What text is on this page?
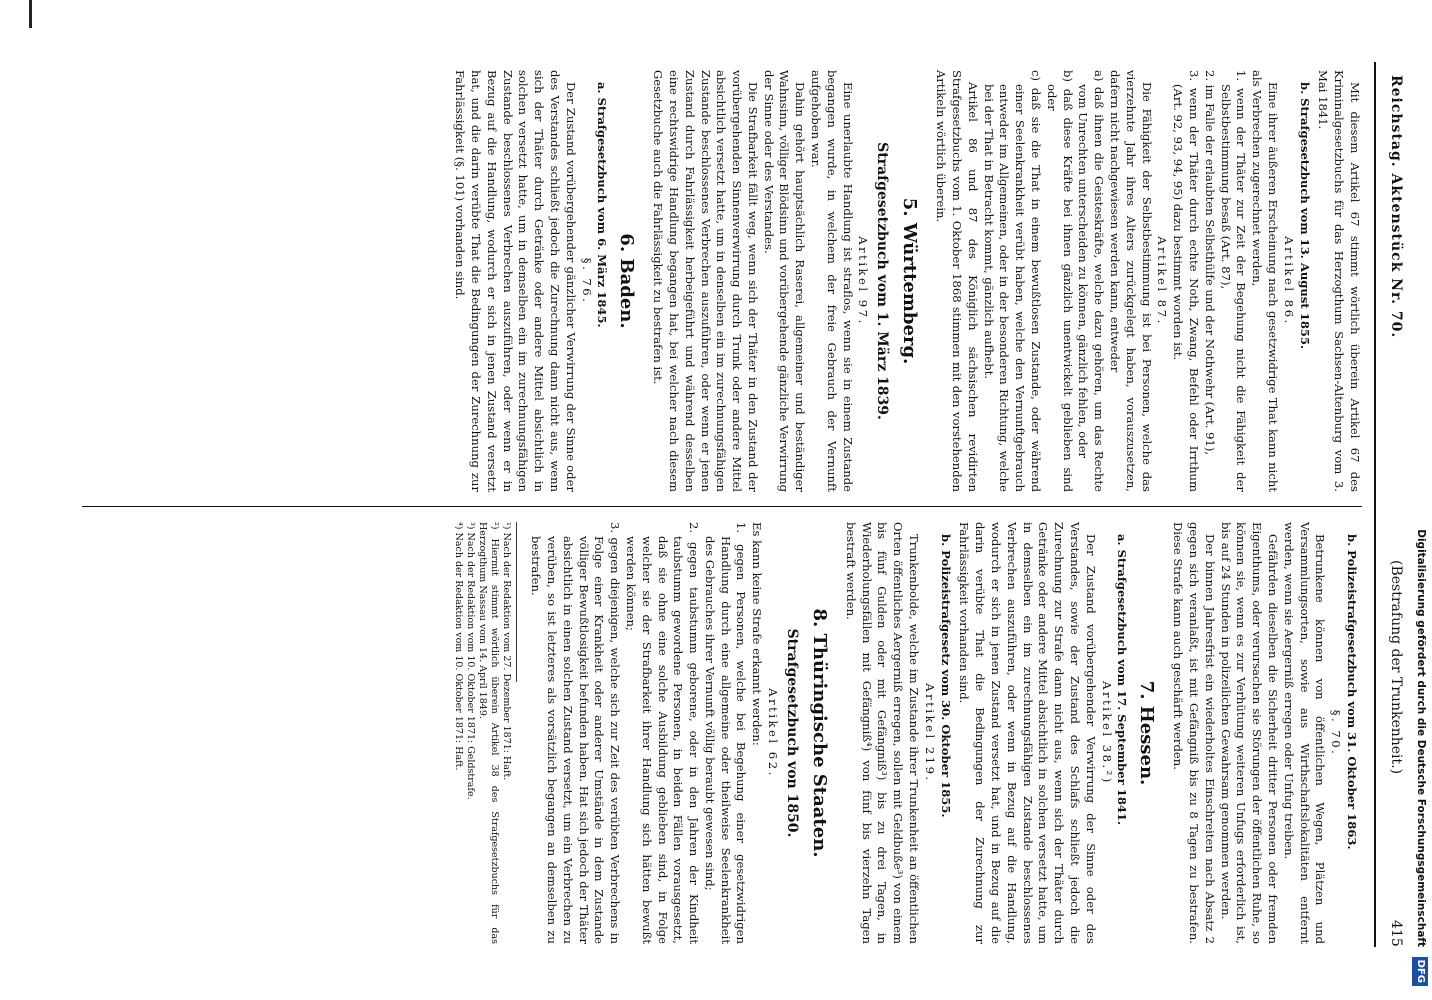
Reichstag. Aktenstück Nr. 70.
(Bestrafung der Trunkenheit.)
415

Mit diesem Artikel 67 stimmt wörtlich überein Artikel 67 des Kriminalgesetzbuchs für das Herzogthum Sachsen-Altenburg vom 3. Mai 1841.

b. Strafgesetzbuch vom 13. August 1855.

Artikel 86.

Eine ihrer äußeren Erscheinung nach gesetzwidrige That kann nicht als Verbrechen zugerechnet werden,

1. wenn der Thäter zur Zeit der Begehung nicht die Fähigkeit der Selbstbestimmung besaß (Art. 87),

2. im Falle der erlaubten Selbsthülfe und der Nothwehr (Art. 91),

3. wenn der Thäter durch echte Noth, Zwang, Befehl oder Irrthum (Art. 92, 93, 94, 95) dazu bestimmt worden ist.

Artikel 87.

Die Fähigkeit der Selbstbestimmung ist bei Personen, welche das vierzehnte Jahr ihres Alters zurückgelegt haben, vorauszusetzen, dafern nicht nachgewiesen werden kann, entweder

a) daß ihnen die Geisteskräfte, welche dazu gehören, um das Rechte vom Unrechten unterscheiden zu können, gänzlich fehlen, oder

b) daß diese Kräfte bei ihnen gänzlich unentwickelt geblieben sind oder

c) daß sie die That in einem bewußtlosen Zustande, oder während einer Seelenkrankheit verübt haben, welche den Vernunftgebrauch entweder im Allgemeinen, oder in der besonderen Richtung, welche bei der That in Betracht kommt, gänzlich aufhebt.

Artikel 86 und 87 des Königlich sächsischen revidirten Strafgesetzbuchs vom 1. Oktober 1868 stimmen mit den vorstehenden Artikeln wörtlich überein.

5. Württemberg.

Strafgesetzbuch vom 1. März 1839.

Artikel 97.

Eine unerlaubte Handlung ist straflos, wenn sie in einem Zustande begangen wurde, in welchem der freie Gebrauch der Vernunft aufgehoben war.

Dahin gehört hauptsächlich Raserei, allgemeiner und beständiger Wahnsinn, völliger Blödsinn und vorübergehende gänzliche Verwirrung der Sinne oder des Verstandes.

Die Strafbarkeit fällt weg, wenn sich der Thäter in den Zustand der vorübergehenden Sinnenverwirrung durch Trunk oder andere Mittel absichtlich versetzt hatte, um in denselben ein im zurechnungsfähigen Zustande beschlossenes Verbrechen auszuführen, oder wenn er jenen Zustand durch Fahrlässigkeit herbeigeführt und während desselben eine rechtswidrige Handlung begangen hat, bei welcher nach diesem Gesetzbuche auch die Fahrlässigkeit zu bestrafen ist.

6. Baden.

a. Strafgesetzbuch vom 6. März 1845.

§. 76.

Der Zustand vorübergehender gänzlicher Verwirrung der Sinne oder des Verstandes schließt jedoch die Zurechnung dann nicht aus, wenn sich der Thäter durch Getränke oder andere Mittel absichtlich in solchen versetzt hatte, um in demselben ein im zurechnungsfähigen Zustande beschlossenes Verbrechen auszuführen, oder wenn er in Bezug auf die Handlung, wodurch er sich in jenen Zustand versetzt hat, und die darin verübte That die Bedingungen der Zurechnung zur Fahrlässigkeit (§. 101) vorhanden sind.

b. Polizeistrafgesetzbuch vom 31. Oktober 1863.

§. 70.

Betrunkene können von öffentlichen Wegen, Plätzen und Versammlungsorten, sowie aus Wirthschaftslokalitäten entfernt werden, wenn sie Aergerniß erregen oder Unfug treiben.

Gefährden dieselben die Sicherheit dritter Personen oder fremden Eigenthums, oder verursachen sie Störungen der öffentlichen Ruhe, so können sie, wenn es zur Verhütung weiteren Unfugs erforderlich ist, bis auf 24 Stunden in polizeilichen Gewahrsam genommen werden.

Der binnen Jahresfrist ein wiederholtes Einschreiten nach Absatz 2 gegen sich veranlaßt, ist mit Gefängniß bis zu 8 Tagen zu bestrafen. Diese Strafe kann auch geschärft werden.

7. Hessen.

a. Strafgesetzbuch vom 17. September 1841.

Artikel 38.²)

Der Zustand vorübergehender Verwirrung der Sinne oder des Verstandes, sowie der Zustand des Schlafs schließt jedoch die Zurechnung zur Strafe dann nicht aus, wenn sich der Thäter durch Getränke oder andere Mittel absichtlich in solchen versetzt hatte, um in demselben ein im zurechnungsfähigen Zustande beschlossenes Verbrechen auszuführen, oder wenn in Bezug auf die Handlung, wodurch er sich in jenen Zustand versetzt hat, und in Bezug auf die darin verübte That die Bedingungen der Zurechnung zur Fahrlässigkeit vorhanden sind.

b. Polizeistrafgesetz vom 30. Oktober 1855.

Artikel 219.

Trunkenbolde, welche im Zustande ihrer Trunkenheit an öffentlichen Orten öffentliches Aergerniß erregen, sollen mit Geldbuße³) von einem bis fünf Gulden oder mit Gefängniß³) bis zu drei Tagen, in Wiederholungsfällen mit Gefängniß⁴) von fünf bis vierzehn Tagen bestraft werden.

8. Thüringische Staaten.

Strafgesetzbuch von 1850.

Artikel 62.

Es kann keine Strafe erkannt werden:

1. gegen Personen, welche bei Begehung einer gesetzwidrigen Handlung durch eine allgemeine oder theilweise Seelenkrankheit des Gebrauches ihrer Vernunft völlig beraubt gewesen sind;

2. gegen taubstumm geborene, oder in den Jahren der Kindheit taubstumm gewordene Personen, in beiden Fällen vorausgesetzt, daß sie ohne eine solche Ausbildung geblieben sind, in Folge welcher sie der Strafbarkeit ihrer Handlung sich hätten bewußt werden können;

3. gegen diejenigen, welche sich zur Zeit des verübten Verbrechens in Folge einer Krankheit oder anderer Umstände in dem Zustande völliger Bewußtlosigkeit befunden haben. Hat sich jedoch der Thäter absichtlich in einen solchen Zustand versetzt, um ein Verbrechen zu verüben, so ist letzteres als vorsätzlich begangen an demselben zu bestrafen.

¹) Nach der Redaktion vom 27. Dezember 1871: Haft.

²) Hiermit stimmt wörtlich überein Artikel 38 des Strafgesetzbuchs für das Herzogthum Nassau vom 14. April 1849.

³) Nach der Redaktion vom 10. Oktober 1871: Geldstrafe.

⁴) Nach der Redaktion vom 10. Oktober 1871: Haft.	Digitalisierung gefördert durch die Deutsche Forschungsgemeinschaft DFG
